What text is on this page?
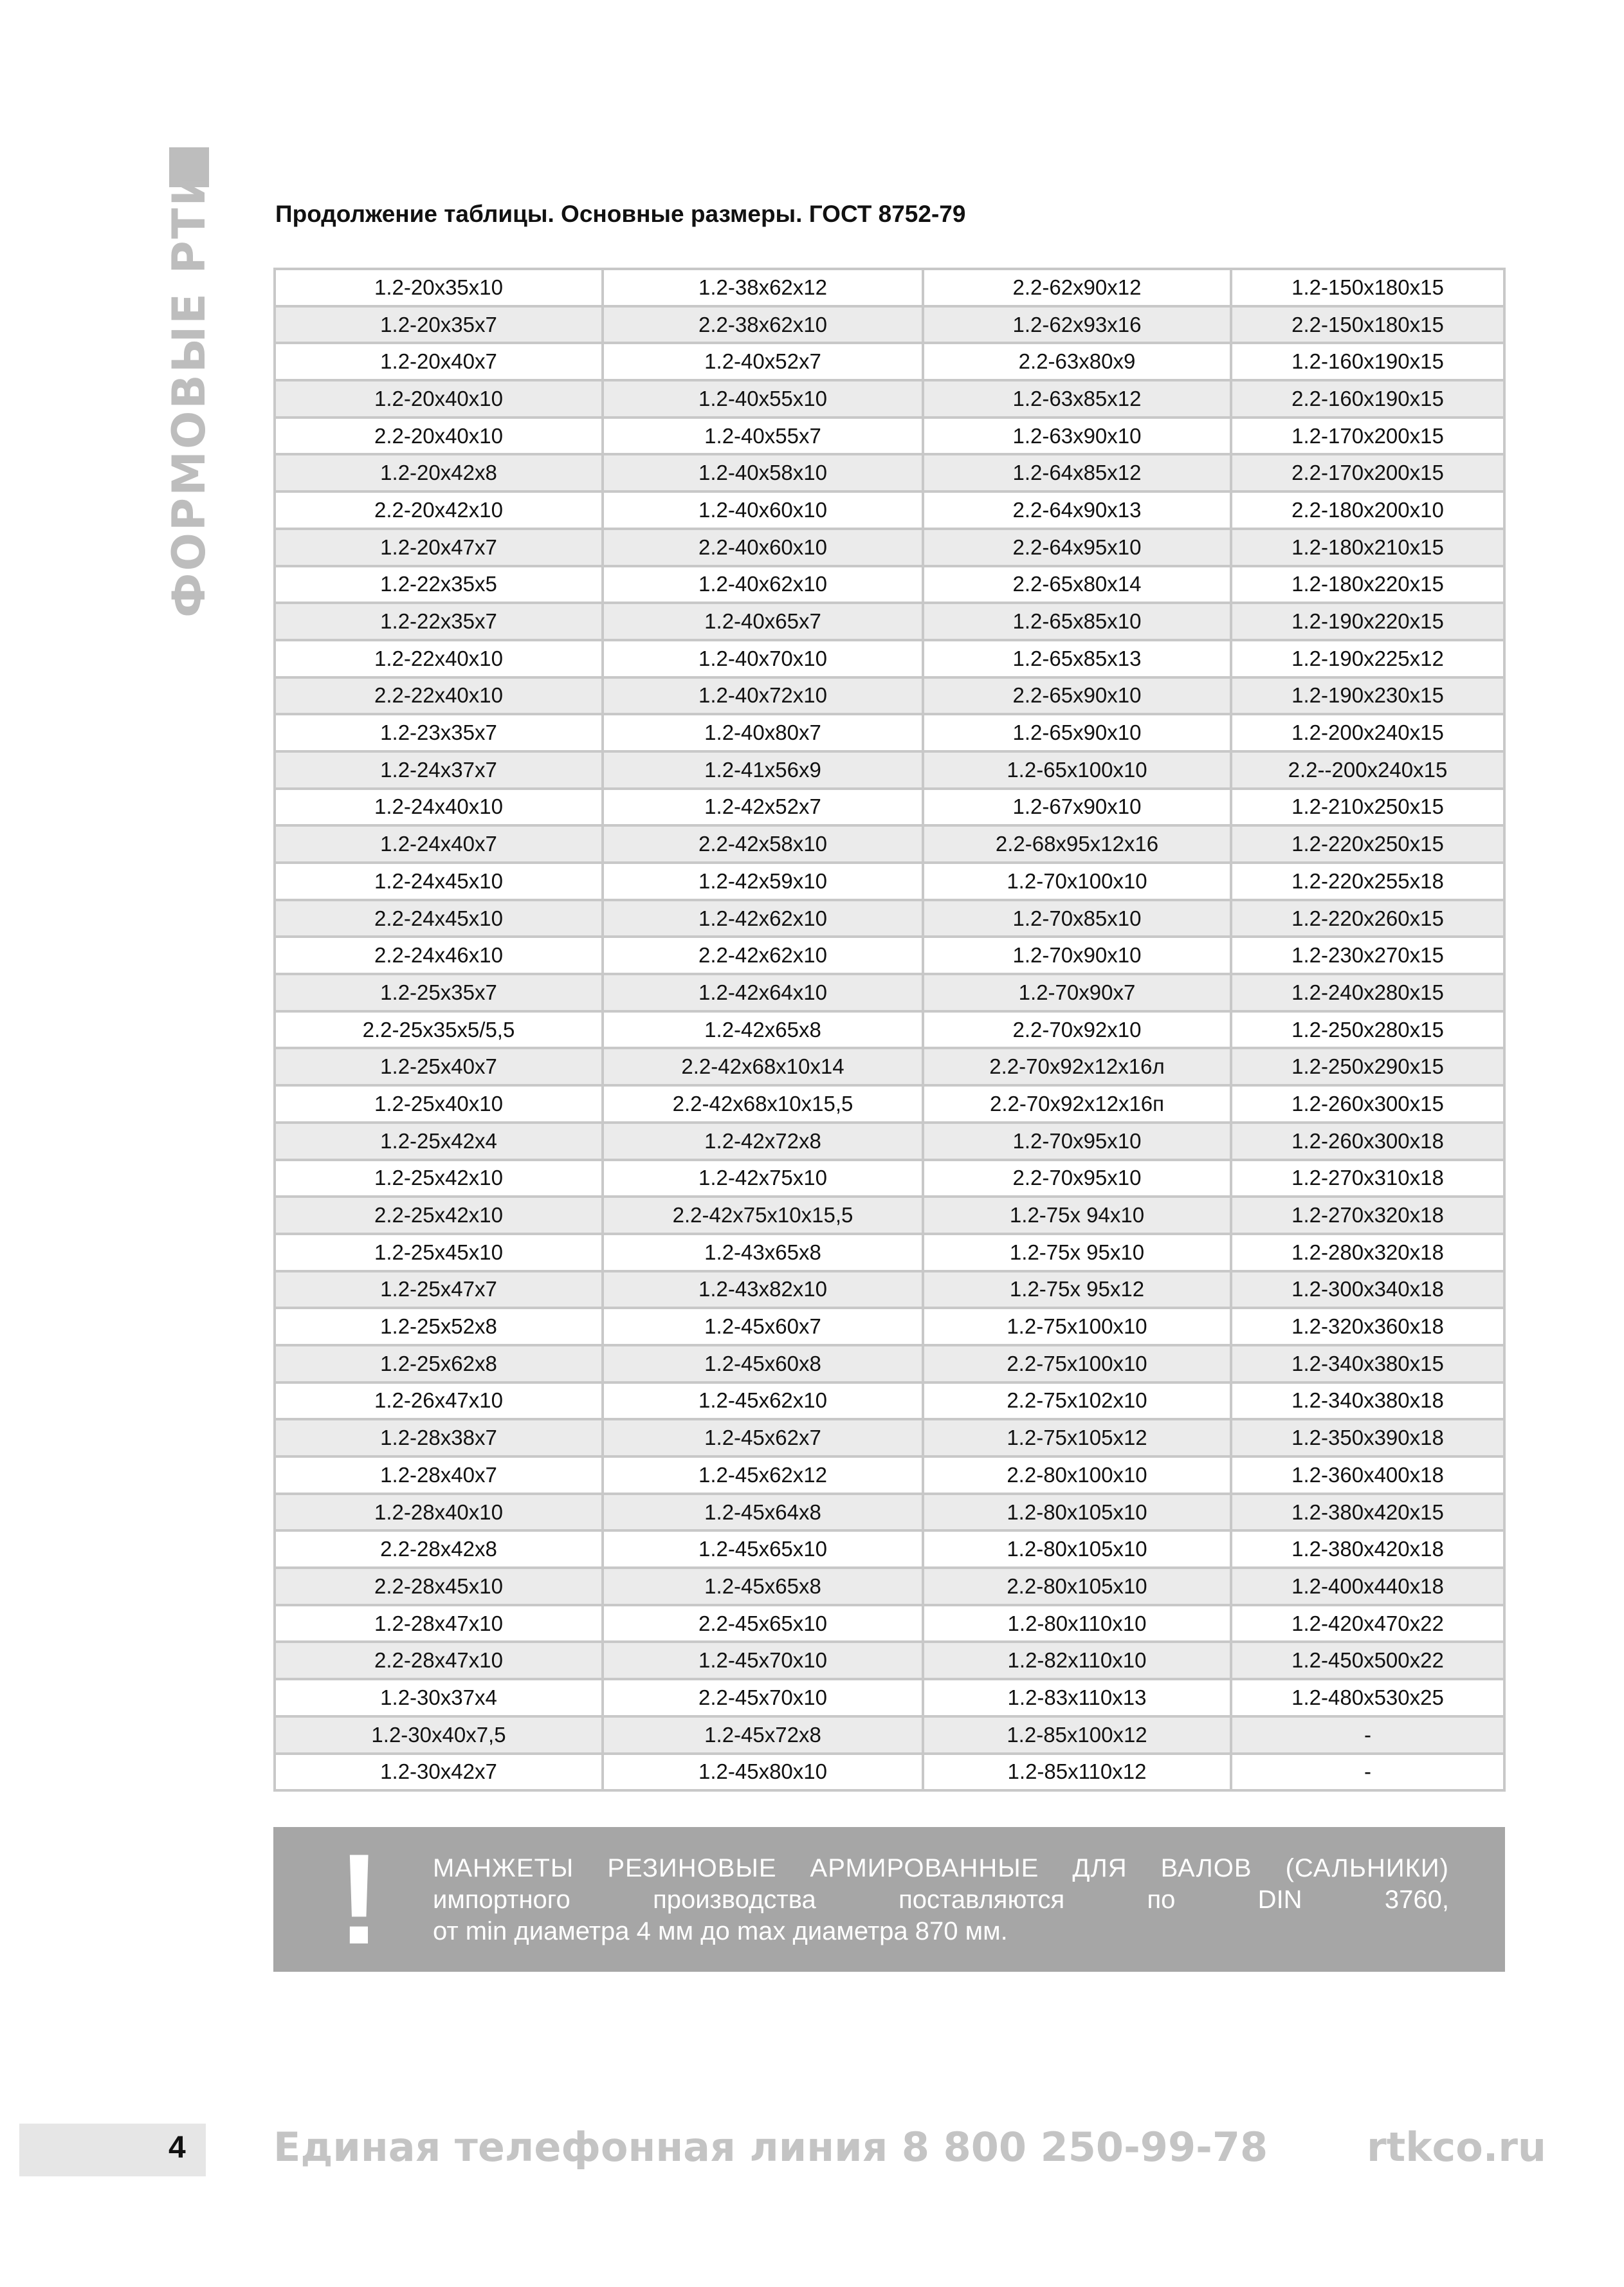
ФОРМОВЫЕ РТИ	Продолжение таблицы. Основные размеры. ГОСТ 8752-79
1.2-20x35x10	1.2-38x62x12	2.2-62x90x12	1.2-150x180x15
1.2-20x35x7	2.2-38x62x10	1.2-62x93x16	2.2-150x180x15
1.2-20x40x7	1.2-40x52x7	2.2-63x80x9	1.2-160x190x15
1.2-20x40x10	1.2-40x55x10	1.2-63x85x12	2.2-160x190x15
2.2-20x40x10	1.2-40x55x7	1.2-63x90x10	1.2-170x200x15
1.2-20x42x8	1.2-40x58x10	1.2-64x85x12	2.2-170x200x15
2.2-20x42x10	1.2-40x60x10	2.2-64x90x13	2.2-180x200x10
1.2-20x47x7	2.2-40x60x10	2.2-64x95x10	1.2-180x210x15
1.2-22x35x5	1.2-40x62x10	2.2-65x80x14	1.2-180x220x15
1.2-22x35x7	1.2-40x65x7	1.2-65x85x10	1.2-190x220x15
1.2-22x40x10	1.2-40x70x10	1.2-65x85x13	1.2-190x225x12
2.2-22x40x10	1.2-40x72x10	2.2-65x90x10	1.2-190x230x15
1.2-23x35x7	1.2-40x80x7	1.2-65x90x10	1.2-200x240x15
1.2-24x37x7	1.2-41x56x9	1.2-65x100x10	2.2--200x240x15
1.2-24x40x10	1.2-42x52x7	1.2-67x90x10	1.2-210x250x15
1.2-24x40x7	2.2-42x58x10	2.2-68x95x12x16	1.2-220x250x15
1.2-24x45x10	1.2-42x59x10	1.2-70x100x10	1.2-220x255x18
2.2-24x45x10	1.2-42x62x10	1.2-70x85x10	1.2-220x260x15
2.2-24x46x10	2.2-42x62x10	1.2-70x90x10	1.2-230x270x15
1.2-25x35x7	1.2-42x64x10	1.2-70x90x7	1.2-240x280x15
2.2-25x35x5/5,5	1.2-42x65x8	2.2-70x92x10	1.2-250x280x15
1.2-25x40x7	2.2-42x68x10x14	2.2-70x92x12x16л	1.2-250x290x15
1.2-25x40x10	2.2-42x68x10x15,5	2.2-70x92x12x16п	1.2-260x300x15
1.2-25x42x4	1.2-42x72x8	1.2-70x95x10	1.2-260x300x18
1.2-25x42x10	1.2-42x75x10	2.2-70x95x10	1.2-270x310x18
2.2-25x42x10	2.2-42x75x10x15,5	1.2-75x 94x10	1.2-270x320x18
1.2-25x45x10	1.2-43x65x8	1.2-75x 95x10	1.2-280x320x18
1.2-25x47x7	1.2-43x82x10	1.2-75x 95x12	1.2-300x340x18
1.2-25x52x8	1.2-45x60x7	1.2-75x100x10	1.2-320x360x18
1.2-25x62x8	1.2-45x60x8	2.2-75x100x10	1.2-340x380x15
1.2-26x47x10	1.2-45x62x10	2.2-75x102x10	1.2-340x380x18
1.2-28x38x7	1.2-45x62x7	1.2-75x105x12	1.2-350x390x18
1.2-28x40x7	1.2-45x62x12	2.2-80x100x10	1.2-360x400x18
1.2-28x40x10	1.2-45x64x8	1.2-80x105x10	1.2-380x420x15
2.2-28x42x8	1.2-45x65x10	1.2-80x105x10	1.2-380x420x18
2.2-28x45x10	1.2-45x65x8	2.2-80x105x10	1.2-400x440x18
1.2-28x47x10	2.2-45x65x10	1.2-80x110x10	1.2-420x470x22
2.2-28x47x10	1.2-45x70x10	1.2-82x110x10	1.2-450x500x22
1.2-30x37x4	2.2-45x70x10	1.2-83x110x13	1.2-480x530x25
1.2-30x40x7,5	1.2-45x72x8	1.2-85x100x12	-
1.2-30x42x7	1.2-45x80x10	1.2-85x110x12	-
! МАНЖЕТЫ РЕЗИНОВЫЕ АРМИРОВАННЫЕ ДЛЯ ВАЛОВ (САЛЬНИКИ)
импортного производства поставляются по DIN 3760,
от min диаметра 4 мм до max диаметра 870 мм.
4 Единая телефонная линия 8 800 250-99-78 rtkco.ru
